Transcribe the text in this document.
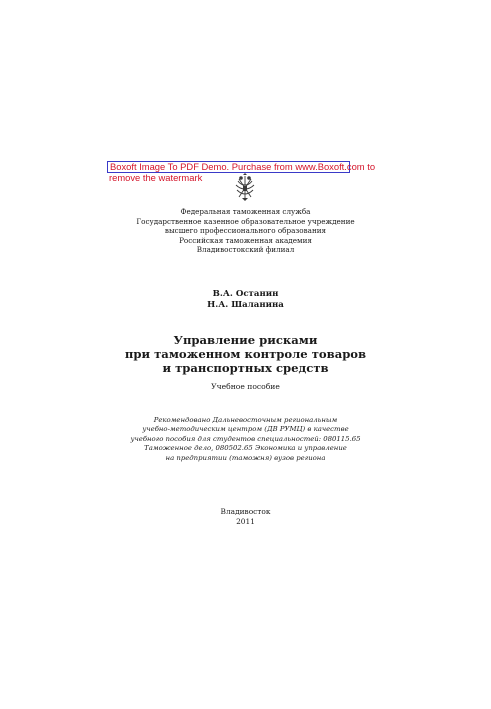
Boxoft Image To PDF Demo. Purchase from www.Boxoft.com to
remove the watermark
Федеральная таможенная служба
Государственное казенное образовательное учреждение
высшего профессионального образования
Российская таможенная академия
Владивостокский филиал
В.А. Останин
Н.А. Шаланина
Управление рисками
при таможенном контроле товаров
и транспортных средств
Учебное пособие
Рекомендовано Дальневосточным региональным
учебно-методическим центром (ДВ РУМЦ) в качестве
учебного пособия для студентов специальностей: 080115.65
Таможенное дело, 080502.65 Экономика и управление
на предприятии (таможня) вузов региона
Владивосток
2011
